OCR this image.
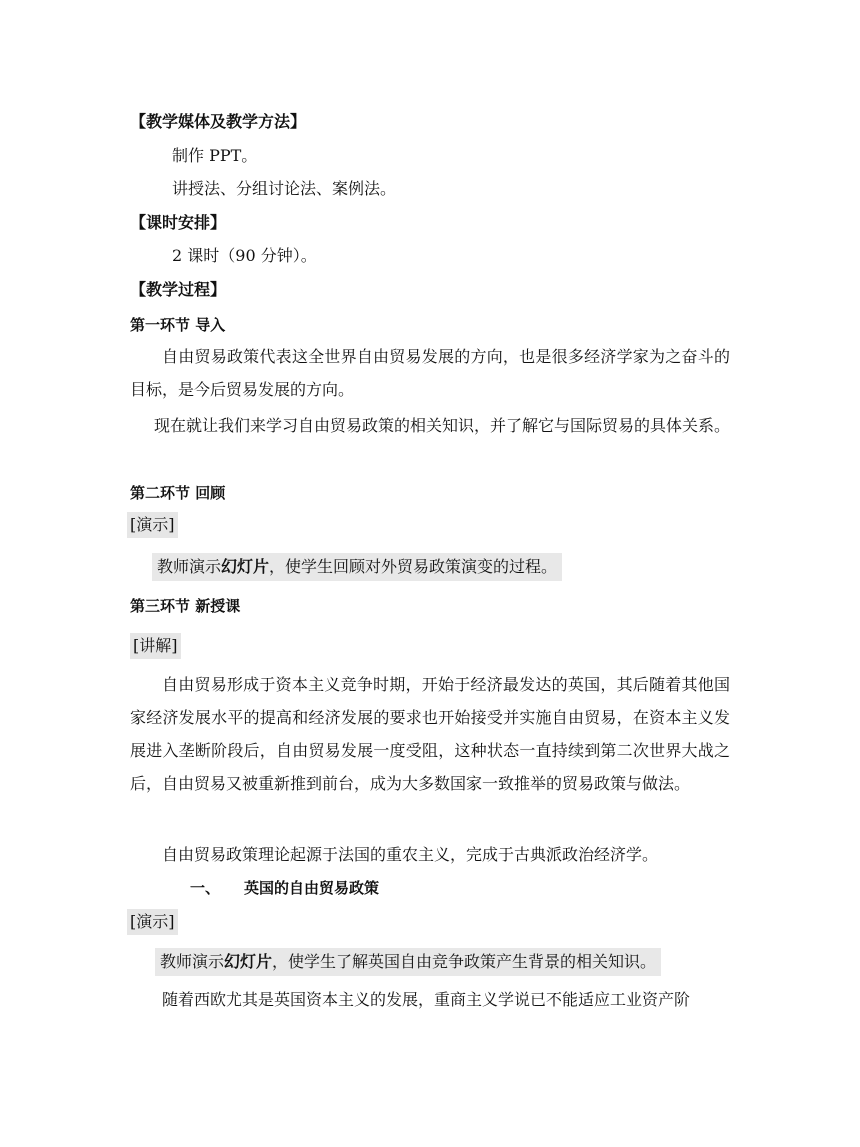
【教学媒体及教学方法】
制作 PPT。
讲授法、分组讨论法、案例法。
【课时安排】
2 课时（90 分钟）。
【教学过程】
第一环节 导入
自由贸易政策代表这全世界自由贸易发展的方向，也是很多经济学家为之奋斗的目标，是今后贸易发展的方向。
现在就让我们来学习自由贸易政策的相关知识，并了解它与国际贸易的具体关系。
第二环节 回顾
[演示]
教师演示幻灯片，使学生回顾对外贸易政策演变的过程。
第三环节 新授课
[讲解]
自由贸易形成于资本主义竞争时期，开始于经济最发达的英国，其后随着其他国家经济发展水平的提高和经济发展的要求也开始接受并实施自由贸易，在资本主义发展进入垄断阶段后，自由贸易发展一度受阻，这种状态一直持续到第二次世界大战之后，自由贸易又被重新推到前台，成为大多数国家一致推举的贸易政策与做法。
自由贸易政策理论起源于法国的重农主义，完成于古典派政治经济学。
一、 英国的自由贸易政策
[演示]
教师演示幻灯片，使学生了解英国自由竞争政策产生背景的相关知识。
随着西欧尤其是英国资本主义的发展，重商主义学说已不能适应工业资产阶
